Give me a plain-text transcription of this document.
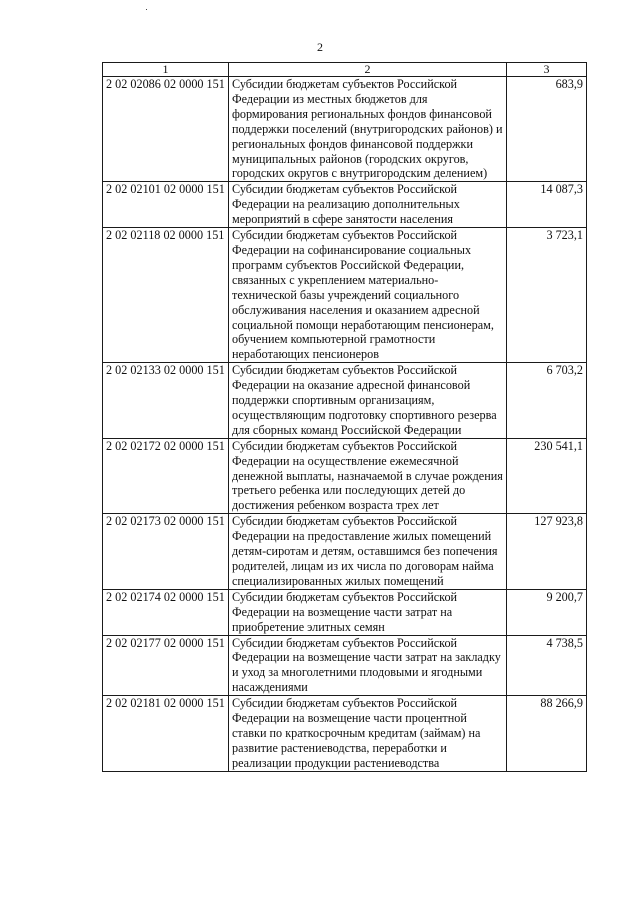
2
1	2	3
2 02 02086 02 0000 151	Субсидии бюджетам субъектов Российской Федерации из местных бюджетов для формирования региональных фондов финансовой поддержки поселений (внутригородских районов) и региональных фондов финансовой поддержки муниципальных районов (городских округов, городских округов с внутригородским делением)	683,9
2 02 02101 02 0000 151	Субсидии бюджетам субъектов Российской Федерации на реализацию дополнительных мероприятий в сфере занятости населения	14 087,3
2 02 02118 02 0000 151	Субсидии бюджетам субъектов Российской Федерации на софинансирование социальных программ субъектов Российской Федерации, связанных с укреплением материально-технической базы учреждений социального обслуживания населения и оказанием адресной социальной помощи неработающим пенсионерам, обучением компьютерной грамотности неработающих пенсионеров	3 723,1
2 02 02133 02 0000 151	Субсидии бюджетам субъектов Российской Федерации на оказание адресной финансовой поддержки спортивным организациям, осуществляющим подготовку спортивного резерва для сборных команд Российской Федерации	6 703,2
2 02 02172 02 0000 151	Субсидии бюджетам субъектов Российской Федерации на осуществление ежемесячной денежной выплаты, назначаемой в случае рождения третьего ребенка или последующих детей до достижения ребенком возраста трех лет	230 541,1
2 02 02173 02 0000 151	Субсидии бюджетам субъектов Российской Федерации на предоставление жилых помещений детям-сиротам и детям, оставшимся без попечения родителей, лицам из их числа по договорам найма специализированных жилых помещений	127 923,8
2 02 02174 02 0000 151	Субсидии бюджетам субъектов Российской Федерации на возмещение части затрат на приобретение элитных семян	9 200,7
2 02 02177 02 0000 151	Субсидии бюджетам субъектов Российской Федерации на возмещение части затрат на закладку и уход за многолетними плодовыми и ягодными насаждениями	4 738,5
2 02 02181 02 0000 151	Субсидии бюджетам субъектов Российской Федерации на возмещение части процентной ставки по краткосрочным кредитам (займам) на развитие растениеводства, переработки и реализации продукции растениеводства	88 266,9
